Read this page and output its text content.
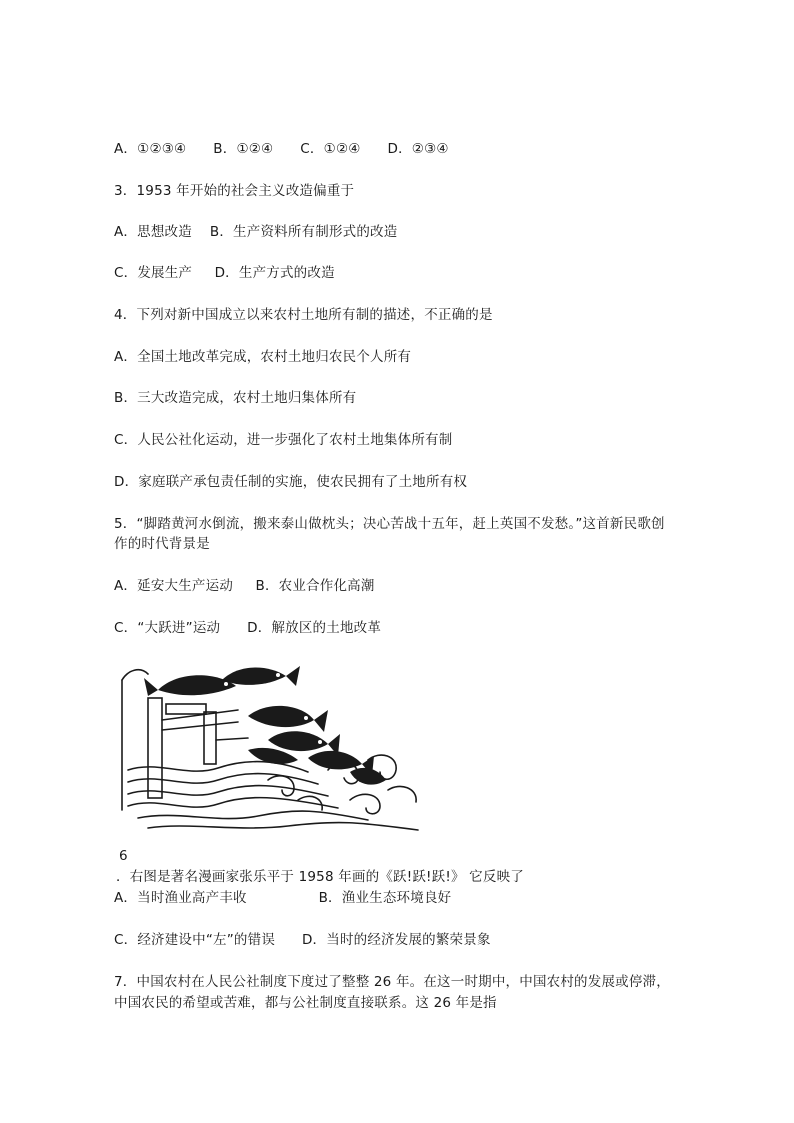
A．①②③④      B．①②④      C．①②④      D．②③④
3．1953 年开始的社会主义改造偏重于
A．思想改造    B．生产资料所有制形式的改造
C．发展生产     D．生产方式的改造
4．下列对新中国成立以来农村土地所有制的描述，不正确的是
A．全国土地改革完成，农村土地归农民个人所有
B．三大改造完成，农村土地归集体所有
C．人民公社化运动，进一步强化了农村土地集体所有制
D．家庭联产承包责任制的实施，使农民拥有了土地所有权
5．“脚踏黄河水倒流，搬来泰山做枕头；决心苦战十五年，赶上英国不发愁。”这首新民歌创
作的时代背景是
A．延安大生产运动     B．农业合作化高潮
C．“大跃进”运动      D．解放区的土地改革
6
．右图是著名漫画家张乐平于 1958 年画的《跃!跃!跃!》 它反映了
A．当时渔业高产丰收                B．渔业生态环境良好
C．经济建设中“左”的错误      D．当时的经济发展的繁荣景象
7．中国农村在人民公社制度下度过了整整 26 年。在这一时期中，中国农村的发展或停滞，
中国农民的希望或苦难，都与公社制度直接联系。这 26 年是指
